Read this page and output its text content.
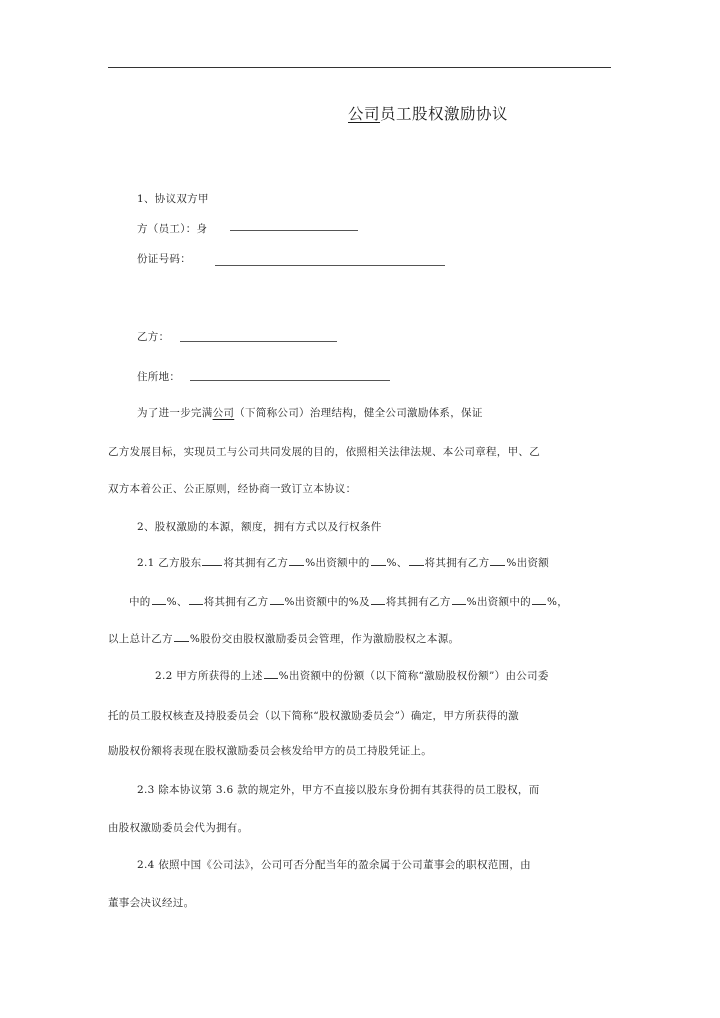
公司员工股权激励协议
1、协议双方甲
方（员工）：身
份证号码：
乙方：
住所地：
为了进一步完满公司（下简称公司）治理结构，健全公司激励体系，保证
乙方发展目标，实现员工与公司共同发展的目的，依照相关法律法规、本公司章程，甲、乙
双方本着公正、公正原则，经协商一致订立本协议：
2、股权激励的本源，额度，拥有方式以及行权条件
2.1 乙方股东 将其拥有乙方 %出资额中的 %、 将其拥有乙方 %出资额
中的 %、 将其拥有乙方 %出资额中的%及 将其拥有乙方 %出资额中的 %，
以上总计乙方 %股份交由股权激励委员会管理，作为激励股权之本源。
2.2 甲方所获得的上述 %出资额中的份额（以下简称“激励股权份额”）由公司委
托的员工股权核查及持股委员会（以下简称“股权激励委员会”）确定，甲方所获得的激
励股权份额将表现在股权激励委员会核发给甲方的员工持股凭证上。
2.3 除本协议第 3.6 款的规定外，甲方不直接以股东身份拥有其获得的员工股权，而
由股权激励委员会代为拥有。
2.4 依照中国《公司法》，公司可否分配当年的盈余属于公司董事会的职权范围，由
董事会决议经过。
